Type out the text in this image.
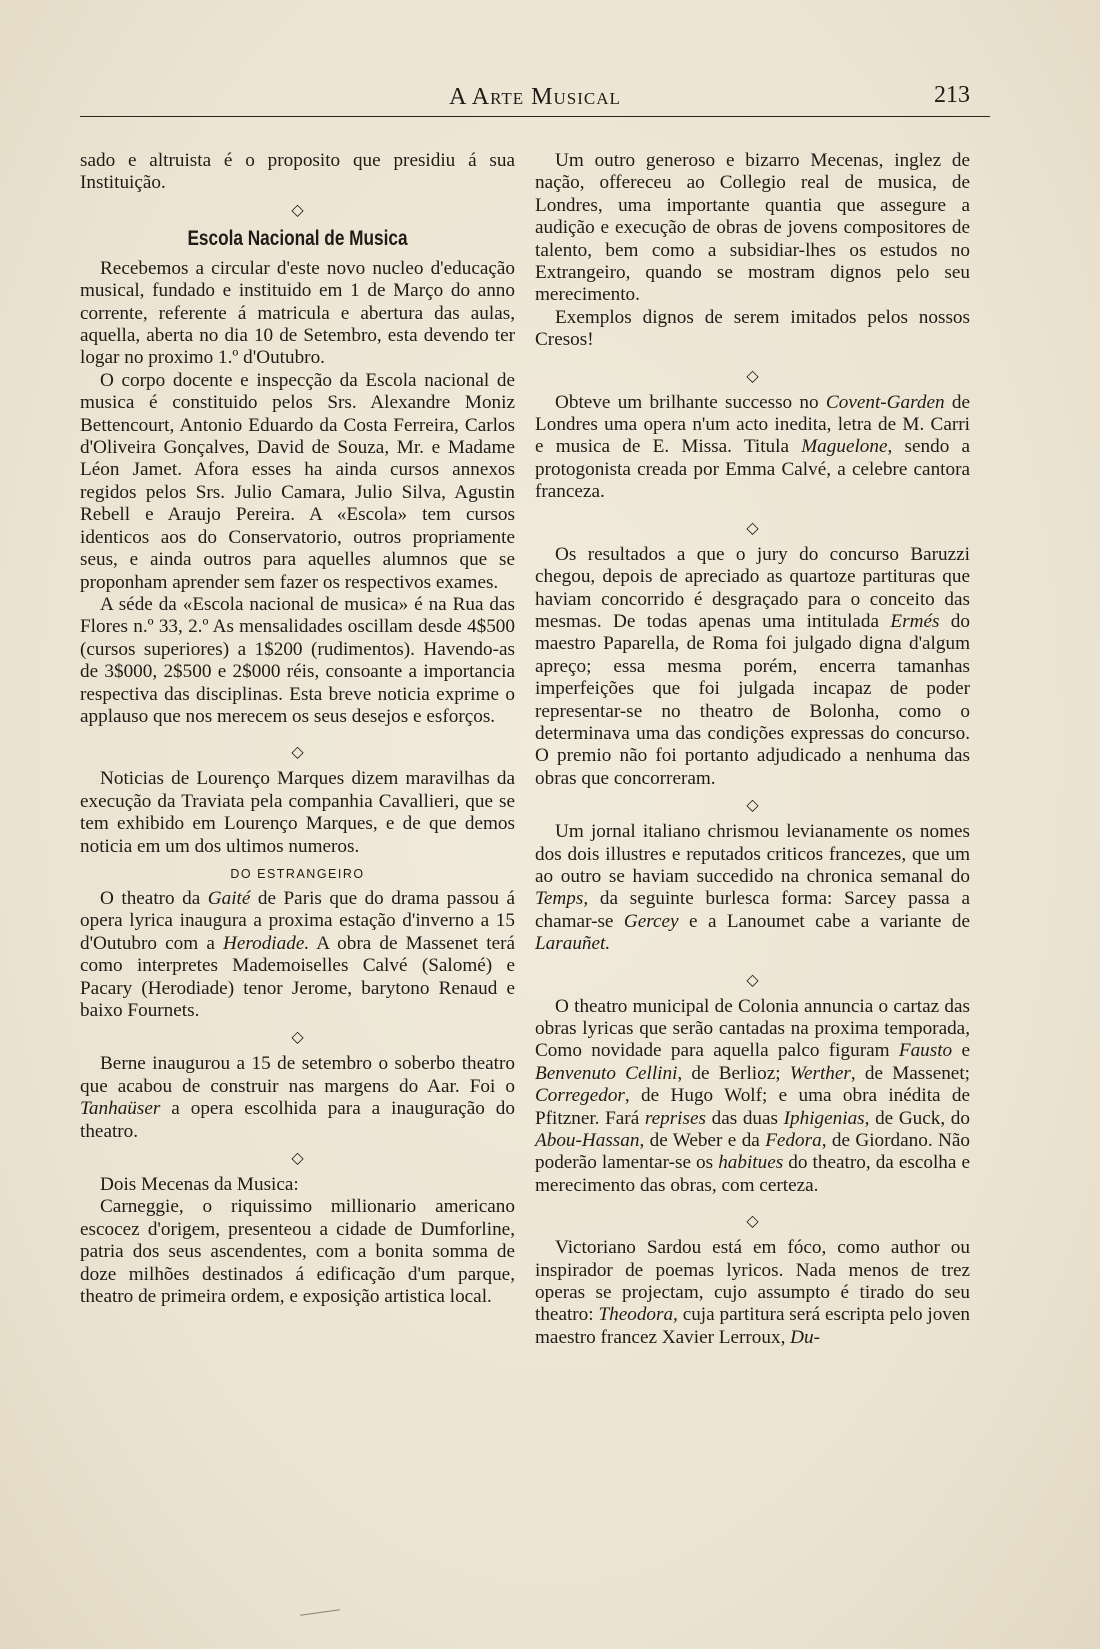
A Arte Musical	213

sado e altruista é o proposito que presidiu á sua Instituição.

◇
Escola Nacional de Musica

Recebemos a circular d'este novo nucleo d'educação musical, fundado e instituido em 1 de Março do anno corrente, referente á matricula e abertura das aulas, aquella, aberta no dia 10 de Setembro, esta devendo ter logar no proximo 1.º d'Outubro.

O corpo docente e inspecção da Escola nacional de musica é constituido pelos Srs. Alexandre Moniz Bettencourt, Antonio Eduardo da Costa Ferreira, Carlos d'Oliveira Gonçalves, David de Souza, Mr. e Madame Léon Jamet. Afora esses ha ainda cursos annexos regidos pelos Srs. Julio Camara, Julio Silva, Agustin Rebell e Araujo Pereira. A «Escola» tem cursos identicos aos do Conservatorio, outros propriamente seus, e ainda outros para aquelles alumnos que se proponham aprender sem fazer os respectivos exames.

A séde da «Escola nacional de musica» é na Rua das Flores n.º 33, 2.º As mensalidades oscillam desde 4$500 (cursos superiores) a 1$200 (rudimentos). Havendo-as de 3$000, 2$500 e 2$000 réis, consoante a importancia respectiva das disciplinas. Esta breve noticia exprime o applauso que nos merecem os seus desejos e esforços.

◇

Noticias de Lourenço Marques dizem maravilhas da execução da Traviata pela companhia Cavallieri, que se tem exhibido em Lourenço Marques, e de que demos noticia em um dos ultimos numeros.

DO ESTRANGEIRO

O theatro da Gaité de Paris que do drama passou á opera lyrica inaugura a proxima estação d'inverno a 15 d'Outubro com a Herodiade. A obra de Massenet terá como interpretes Mademoiselles Calvé (Salomé) e Pacary (Herodiade) tenor Jerome, barytono Renaud e baixo Fournets.

◇

Berne inaugurou a 15 de setembro o soberbo theatro que acabou de construir nas margens do Aar. Foi o Tanhaüser a opera escolhida para a inauguração do theatro.

◇

Dois Mecenas da Musica:

Carneggie, o riquissimo millionario americano escocez d'origem, presenteou a cidade de Dumforline, patria dos seus ascendentes, com a bonita somma de doze milhões destinados á edificação d'um parque, theatro de primeira ordem, e exposição artistica local.

Um outro generoso e bizarro Mecenas, inglez de nação, offereceu ao Collegio real de musica, de Londres, uma importante quantia que assegure a audição e execução de obras de jovens compositores de talento, bem como a subsidiar-lhes os estudos no Extrangeiro, quando se mostram dignos pelo seu merecimento.

Exemplos dignos de serem imitados pelos nossos Cresos!

◇

Obteve um brilhante successo no Covent-Garden de Londres uma opera n'um acto inedita, letra de M. Carri e musica de E. Missa. Titula Maguelone, sendo a protogonista creada por Emma Calvé, a celebre cantora franceza.

◇

Os resultados a que o jury do concurso Baruzzi chegou, depois de apreciado as quartoze partituras que haviam concorrido é desgraçado para o conceito das mesmas. De todas apenas uma intitulada Ermés do maestro Paparella, de Roma foi julgado digna d'algum apreço; essa mesma porém, encerra tamanhas imperfeições que foi julgada incapaz de poder representar-se no theatro de Bolonha, como o determinava uma das condições expressas do concurso. O premio não foi portanto adjudicado a nenhuma das obras que concorreram.

◇

Um jornal italiano chrismou levianamente os nomes dos dois illustres e reputados criticos francezes, que um ao outro se haviam succedido na chronica semanal do Temps, da seguinte burlesca forma: Sarcey passa a chamar-se Gercey e a Lanoumet cabe a variante de Larauñet.

◇

O theatro municipal de Colonia annuncia o cartaz das obras lyricas que serão cantadas na proxima temporada, Como novidade para aquella palco figuram Fausto e Benvenuto Cellini, de Berlioz; Werther, de Massenet; Corregedor, de Hugo Wolf; e uma obra inédita de Pfitzner. Fará reprises das duas Iphigenias, de Guck, do Abou-Hassan, de Weber e da Fedora, de Giordano. Não poderão lamentar-se os habitues do theatro, da escolha e merecimento das obras, com certeza.

◇

Victoriano Sardou está em fóco, como author ou inspirador de poemas lyricos. Nada menos de trez operas se projectam, cujo assumpto é tirado do seu theatro: Theodora, cuja partitura será escripta pelo joven maestro francez Xavier Lerroux, Du-
